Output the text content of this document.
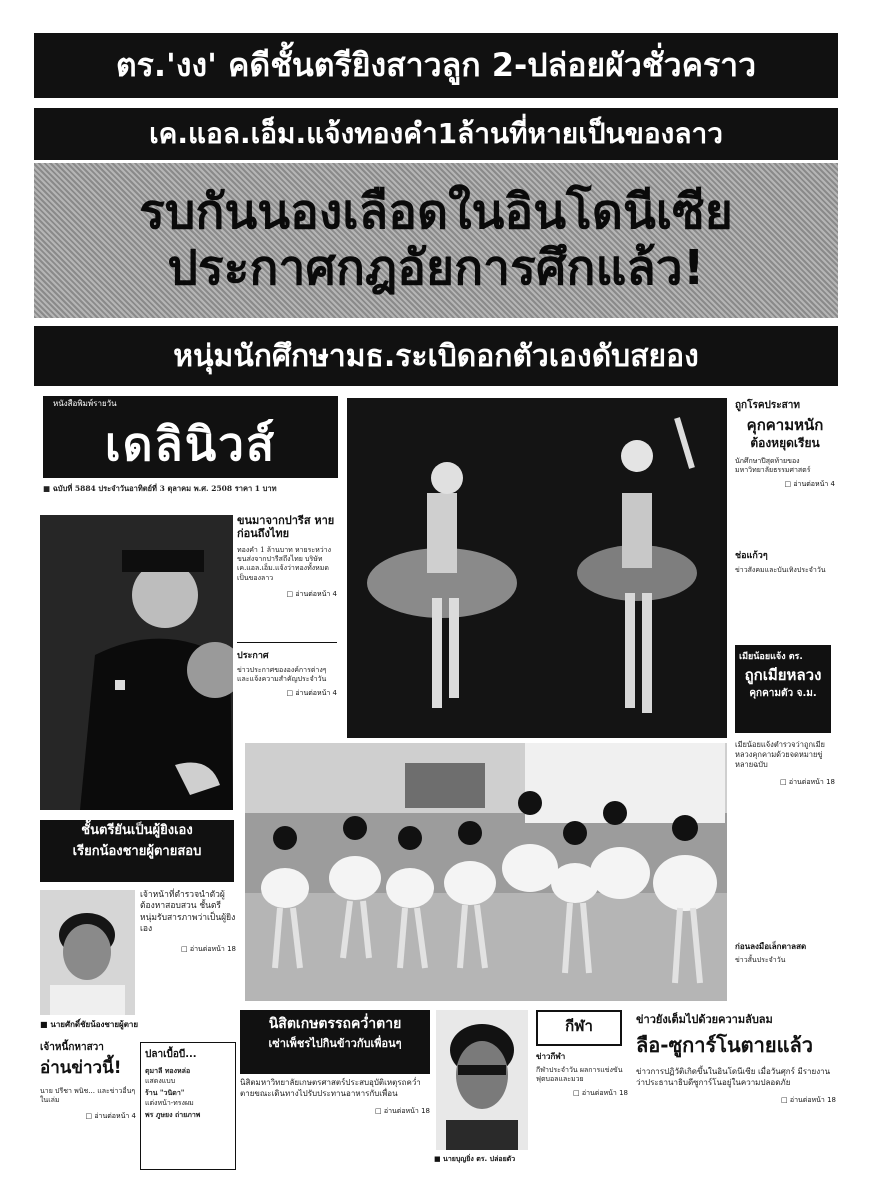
ตร.'งง' คดีชั้นตรียิงสาวลูก 2-ปล่อยผัวชั่วคราว
เค.แอล.เอ็ม.แจ้งทองคำ1ล้านที่หายเป็นของลาว
รบกันนองเลือดในอินโดนีเซีย
ประกาศกฎอัยการศึกแล้ว!
หนุ่มนักศึกษามธ.ระเบิดอกตัวเองดับสยอง
หนังสือพิมพ์รายวัน
เดลินิวส์
■ ฉบับที่ 5884 ประจำวันอาทิตย์ที่ 3 ตุลาคม พ.ศ. 2508 ราคา 1 บาท
ขนมาจากปารีส หายก่อนถึงไทย
ทองคำ 1 ล้านบาท หายระหว่างขนส่งจากปารีสถึงไทย บริษัทเค.แอล.เอ็ม.แจ้งว่าทองทั้งหมดเป็นของลาว
□ อ่านต่อหน้า 4
ประกาศ
ข่าวประกาศขององค์การต่างๆ และแจ้งความสำคัญประจำวัน
□ อ่านต่อหน้า 4
ถูกโรคประสาท
คุกคามหนัก
ต้องหยุดเรียน
นักศึกษาปีสุดท้ายของมหาวิทยาลัยธรรมศาสตร์
□ อ่านต่อหน้า 4
ช่อแก้วๆ
ข่าวสังคมและบันเทิงประจำวัน
เมียน้อยแจ้ง ตร.
ถูกเมียหลวง
คุกคามตัว จ.ม.
เมียน้อยแจ้งตำรวจว่าถูกเมียหลวงคุกคามด้วยจดหมายขู่หลายฉบับ
□ อ่านต่อหน้า 18
ก่อนลงมือเล็กตาลสด
ข่าวสั้นประจำวัน
ชั้นตรียันเป็นผู้ยิงเอง
เรียกน้องชายผู้ตายสอบ
■ นายศักดิ์ชัยน้องชายผู้ตาย
เจ้าหน้าที่ตำรวจนำตัวผู้ต้องหาสอบสวน ชั้นตรีหนุ่มรับสารภาพว่าเป็นผู้ยิงเอง
□ อ่านต่อหน้า 18
เจ้าหนี้กหาสวา
อ่านข่าวนี้!
นาย ปรีชา พนิช... และข่าวอื่นๆ ในเล่ม
□ อ่านต่อหน้า 4
ปลาเบื้อบี...
ตุมาลี ทองหล่อ
แสดงแบบ
ร้าน "วนิดา"
แต่งหน้า-ทรงผม
พร ภูษยง ถ่ายภาพ
นิสิตเกษตรรถคว่ำตาย
เซ่าเพ็ชรไปกินข้าวกับเพื่อนๆ
นิสิตมหาวิทยาลัยเกษตรศาสตร์ประสบอุบัติเหตุรถคว่ำตายขณะเดินทางไปรับประทานอาหารกับเพื่อน
□ อ่านต่อหน้า 18
■ นายบุญยิ่ง ตร. ปล่อยตัว
กีฬา
ข่าวกีฬา
กีฬาประจำวัน ผลการแข่งขันฟุตบอลและมวย
□ อ่านต่อหน้า 18
ข่าวยังเต็มไปด้วยความลับลม
ลือ-ซูการ์โนตายแล้ว
ข่าวการปฏิวัติเกิดขึ้นในอินโดนีเซีย เมื่อวันศุกร์ มีรายงานว่าประธานาธิบดีซูการ์โนอยู่ในความปลอดภัย
□ อ่านต่อหน้า 18
